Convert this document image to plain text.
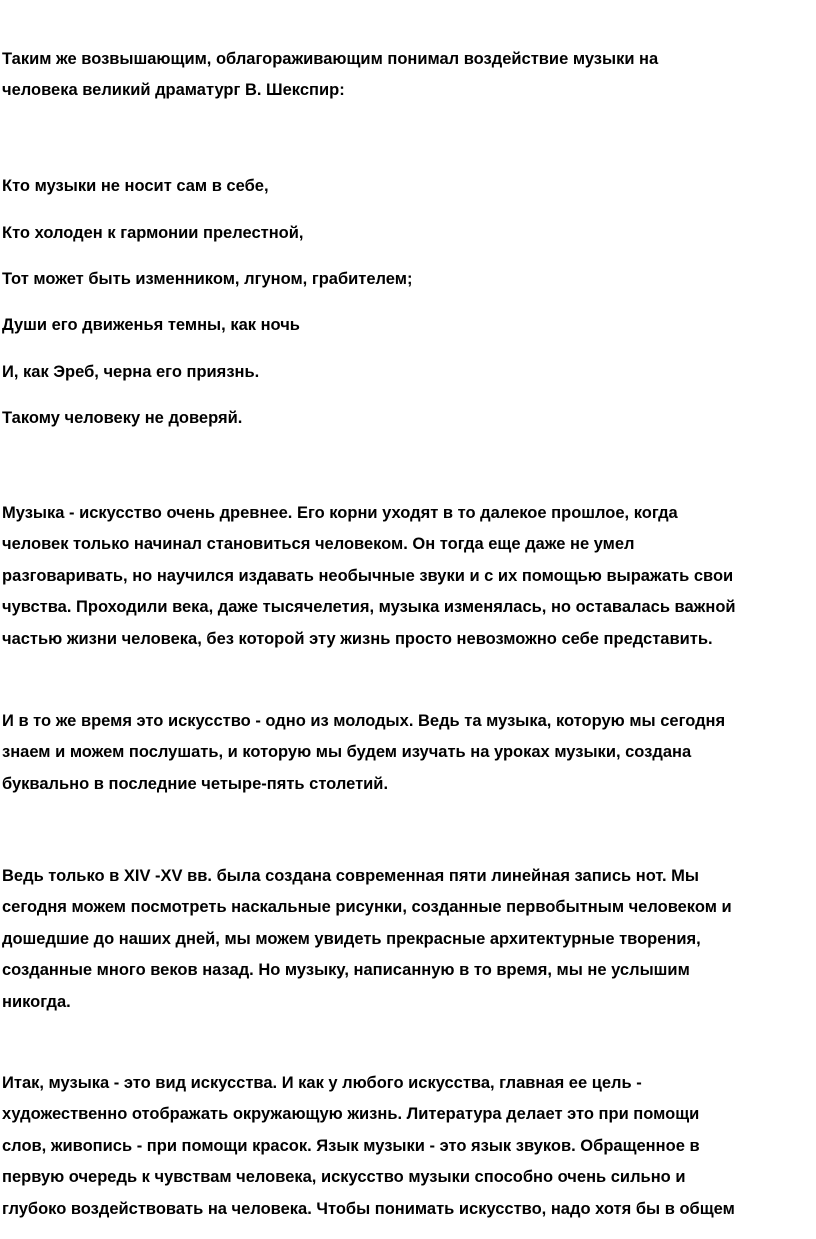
Таким же возвышающим, облагораживающим понимал воздействие музыки на
человека великий драматург В. Шекспир:

Кто музыки не носит сам в себе,

Кто холоден к гармонии прелестной,

Тот может быть изменником, лгуном, грабителем;

Души его движенья темны, как ночь

И, как Эреб, черна его приязнь.

Такому человеку не доверяй.

Музыка - искусство очень древнее. Его корни уходят в то далекое прошлое, когда
человек только начинал становиться человеком. Он тогда еще даже не умел
разговаривать, но научился издавать необычные звуки и с их помощью выражать свои
чувства. Проходили века, даже тысячелетия, музыка изменялась, но оставалась важной
частью жизни человека, без которой эту жизнь просто невозможно себе представить.

И в то же время это искусство - одно из молодых. Ведь та музыка, которую мы сегодня
знаем и можем послушать, и которую мы будем изучать на уроках музыки, создана
буквально в последние четыре-пять столетий.

Ведь только в XIV -XV вв. была создана современная пяти линейная запись нот. Мы
сегодня можем посмотреть наскальные рисунки, созданные первобытным человеком и
дошедшие до наших дней, мы можем увидеть прекрасные архитектурные творения,
созданные много веков назад. Но музыку, написанную в то время, мы не услышим
никогда.

Итак, музыка - это вид искусства. И как у любого искусства, главная ее цель -
художественно отображать окружающую жизнь. Литература делает это при помощи
слов, живопись - при помощи красок. Язык музыки - это язык звуков. Обращенное в
первую очередь к чувствам человека, искусство музыки способно очень сильно и
глубоко воздействовать на человека. Чтобы понимать искусство, надо хотя бы в общем
